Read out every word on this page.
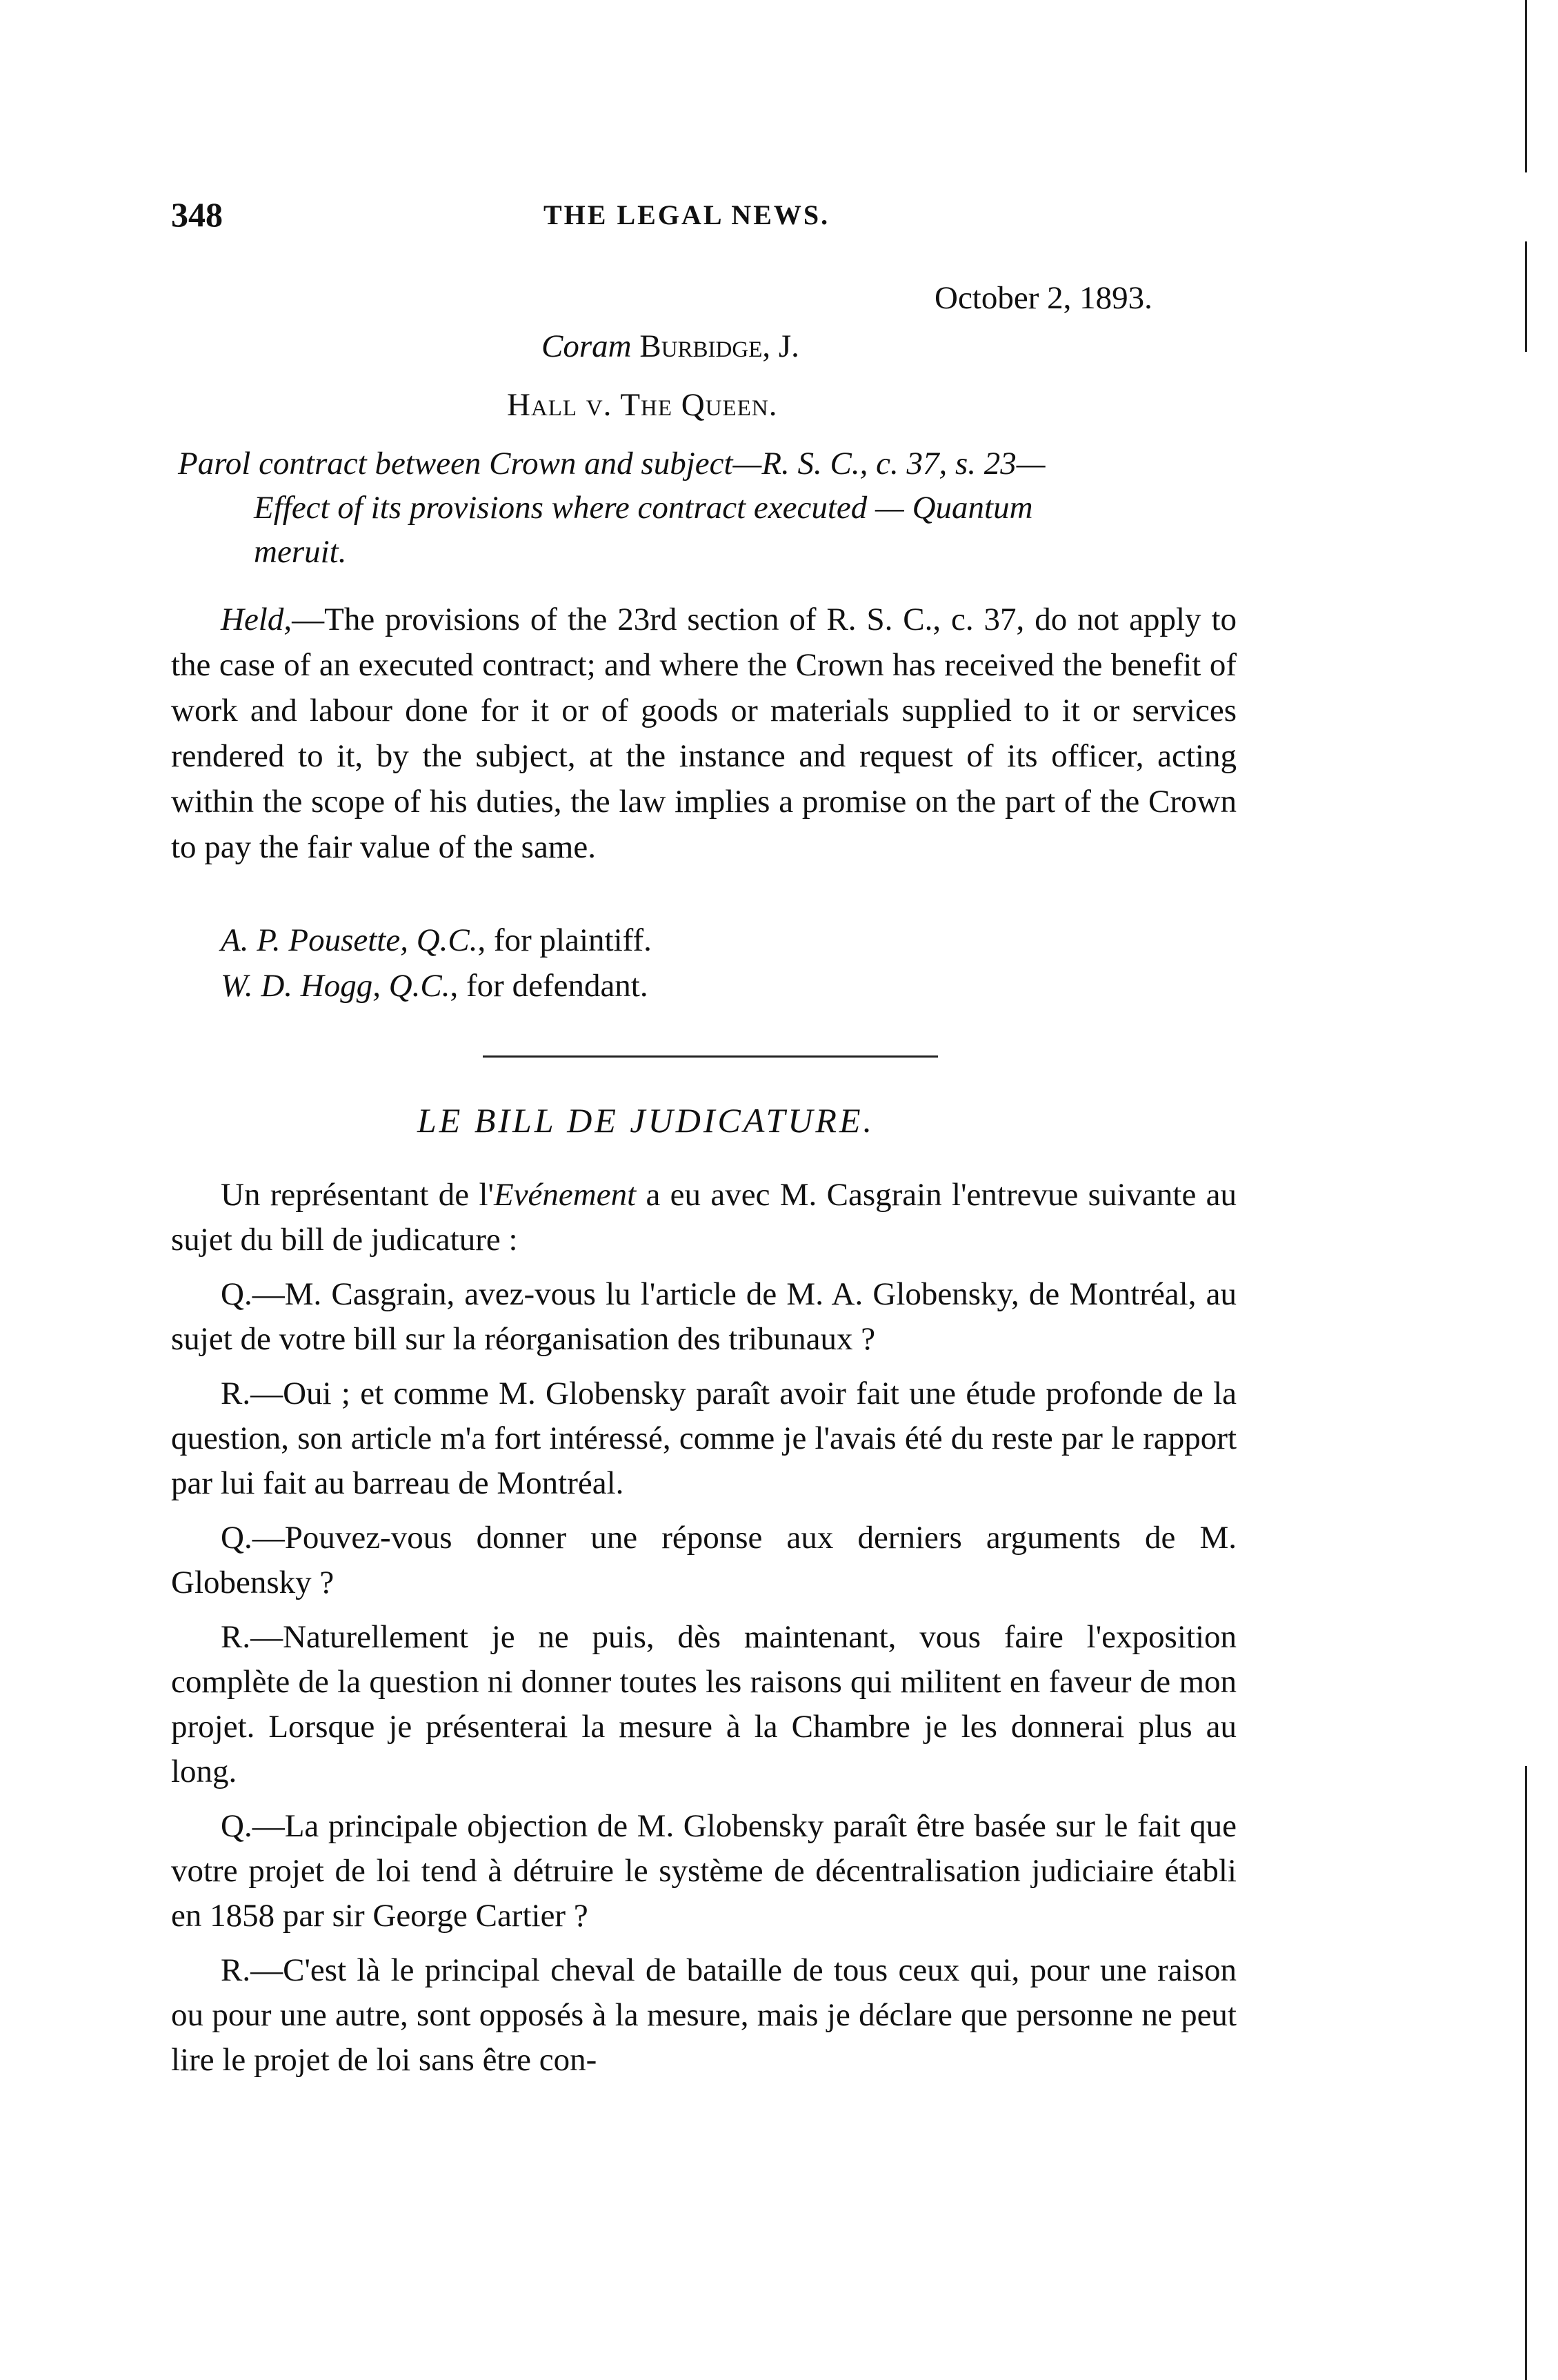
348	THE LEGAL NEWS.
October 2, 1893.
Coram Burbidge, J.
Hall v. The Queen.
Parol contract between Crown and subject—R. S. C., c. 37, s. 23—
Effect of its provisions where contract executed — Quantum
meruit.

Held,—The provisions of the 23rd section of R. S. C., c. 37, do not apply to the case of an executed contract; and where the Crown has received the benefit of work and labour done for it or of goods or materials supplied to it or services rendered to it, by the subject, at the instance and request of its officer, acting within the scope of his duties, the law implies a promise on the part of the Crown to pay the fair value of the same.

A. P. Pousette, Q.C., for plaintiff.
W. D. Hogg, Q.C., for defendant.
LE BILL DE JUDICATURE.

Un représentant de l'Evénement a eu avec M. Casgrain l'entrevue suivante au sujet du bill de judicature :

Q.—M. Casgrain, avez-vous lu l'article de M. A. Globensky, de Montréal, au sujet de votre bill sur la réorganisation des tribunaux ?

R.—Oui ; et comme M. Globensky paraît avoir fait une étude profonde de la question, son article m'a fort intéressé, comme je l'avais été du reste par le rapport par lui fait au barreau de Montréal.

Q.—Pouvez-vous donner une réponse aux derniers arguments de M. Globensky ?

R.—Naturellement je ne puis, dès maintenant, vous faire l'exposition complète de la question ni donner toutes les raisons qui militent en faveur de mon projet. Lorsque je présenterai la mesure à la Chambre je les donnerai plus au long.

Q.—La principale objection de M. Globensky paraît être basée sur le fait que votre projet de loi tend à détruire le système de décentralisation judiciaire établi en 1858 par sir George Cartier ?

R.—C'est là le principal cheval de bataille de tous ceux qui, pour une raison ou pour une autre, sont opposés à la mesure, mais je déclare que personne ne peut lire le projet de loi sans être con-
